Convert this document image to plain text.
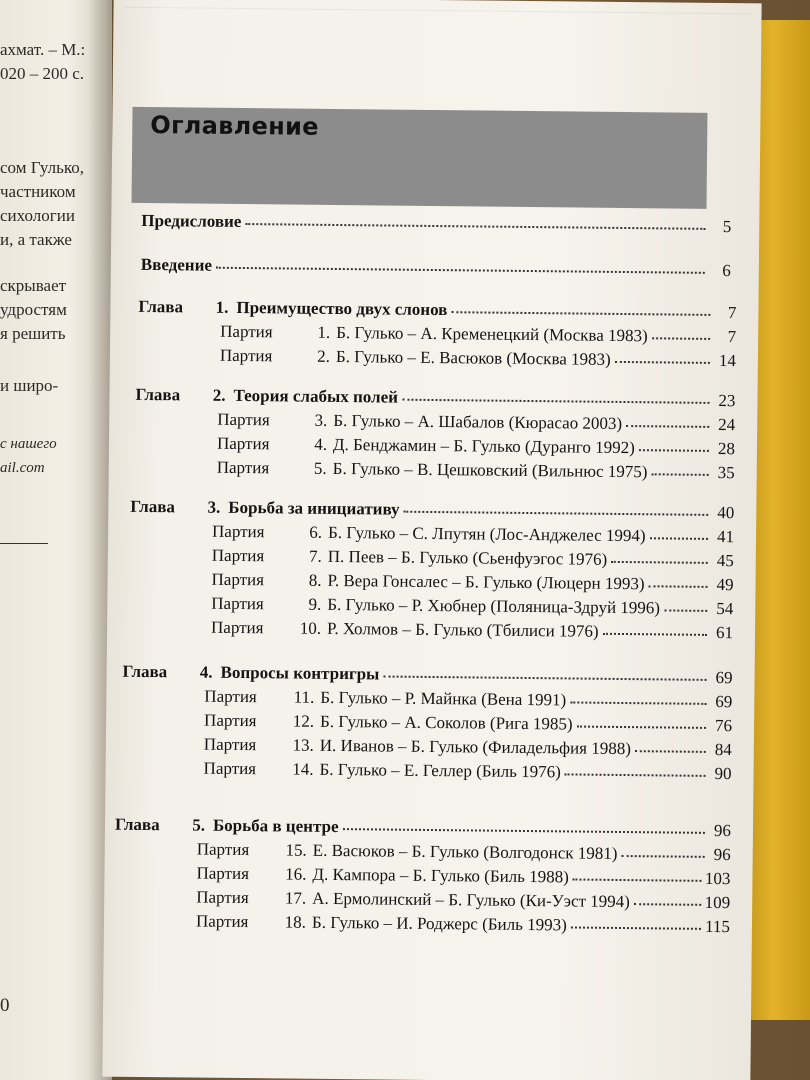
ахмат. – М.:
020 – 200 с.
сом Гулько,
частником
сихологии
и, а также
скрывает
удростям
я решить
и широ-
с нашего
ail.com
0
Оглавление
Предисловие	5
Введение	6
Глава 1. Преимущество двух слонов	7
Партия	1. Б. Гулько – А. Кременецкий (Москва 1983)	7
Партия	2. Б. Гулько – Е. Васюков (Москва 1983)	14
Глава 2. Теория слабых полей	23
Партия	3. Б. Гулько – А. Шабалов (Кюрасао 2003)	24
Партия	4. Д. Бенджамин – Б. Гулько (Дуранго 1992)	28
Партия	5. Б. Гулько – В. Цешковский (Вильнюс 1975)	35
Глава 3. Борьба за инициативу	40
Партия	6. Б. Гулько – С. Лпутян (Лос-Анджелес 1994)	41
Партия	7. П. Пеев – Б. Гулько (Сьенфуэгос 1976)	45
Партия	8. Р. Вера Гонсалес – Б. Гулько (Люцерн 1993)	49
Партия	9. Б. Гулько – Р. Хюбнер (Поляница-Здруй 1996)	54
Партия 10. Р. Холмов – Б. Гулько (Тбилиси 1976)	61
Глава 4. Вопросы контригры	69
Партия 11. Б. Гулько – Р. Майнка (Вена 1991)	69
Партия 12. Б. Гулько – А. Соколов (Рига 1985)	76
Партия 13. И. Иванов – Б. Гулько (Филадельфия 1988)	84
Партия 14. Б. Гулько – Е. Геллер (Биль 1976)	90
Глава 5. Борьба в центре	96
Партия 15. Е. Васюков – Б. Гулько (Волгодонск 1981)	96
Партия 16. Д. Кампора – Б. Гулько (Биль 1988)	103
Партия 17. А. Ермолинский – Б. Гулько (Ки-Уэст 1994)	109
Партия 18. Б. Гулько – И. Роджерс (Биль 1993)	115
